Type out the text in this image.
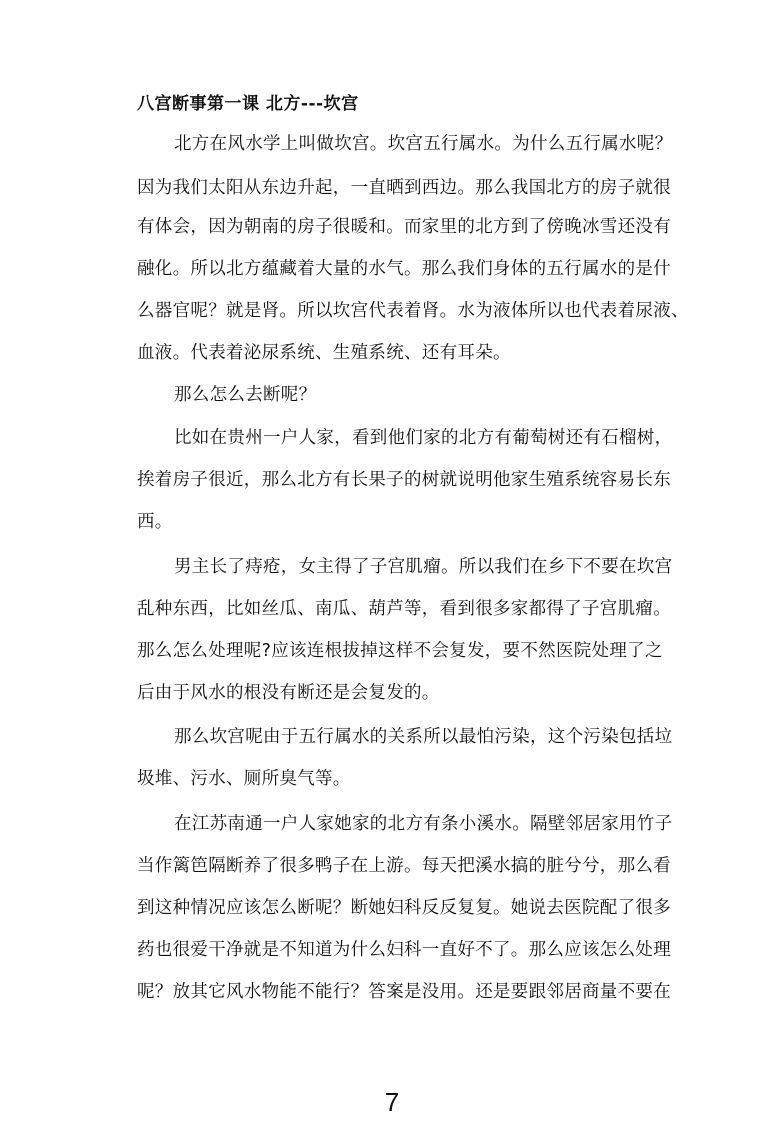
八宫断事第一课 北方---坎宫
北方在风水学上叫做坎宫。坎宫五行属水。为什么五行属水呢？
因为我们太阳从东边升起，一直晒到西边。那么我国北方的房子就很
有体会，因为朝南的房子很暖和。而家里的北方到了傍晚冰雪还没有
融化。所以北方蕴藏着大量的水气。那么我们身体的五行属水的是什
么器官呢？就是肾。所以坎宫代表着肾。水为液体所以也代表着尿液、
血液。代表着泌尿系统、生殖系统、还有耳朵。
那么怎么去断呢？
比如在贵州一户人家，看到他们家的北方有葡萄树还有石榴树，
挨着房子很近，那么北方有长果子的树就说明他家生殖系统容易长东
西。
男主长了痔疮，女主得了子宫肌瘤。所以我们在乡下不要在坎宫
乱种东西，比如丝瓜、南瓜、葫芦等，看到很多家都得了子宫肌瘤。
那么怎么处理呢?应该连根拔掉这样不会复发，要不然医院处理了之
后由于风水的根没有断还是会复发的。
那么坎宫呢由于五行属水的关系所以最怕污染，这个污染包括垃
圾堆、污水、厕所臭气等。
在江苏南通一户人家她家的北方有条小溪水。隔壁邻居家用竹子
当作篱笆隔断养了很多鸭子在上游。每天把溪水搞的脏兮兮，那么看
到这种情况应该怎么断呢？断她妇科反反复复。她说去医院配了很多
药也很爱干净就是不知道为什么妇科一直好不了。那么应该怎么处理
呢？放其它风水物能不能行？答案是没用。还是要跟邻居商量不要在
7
